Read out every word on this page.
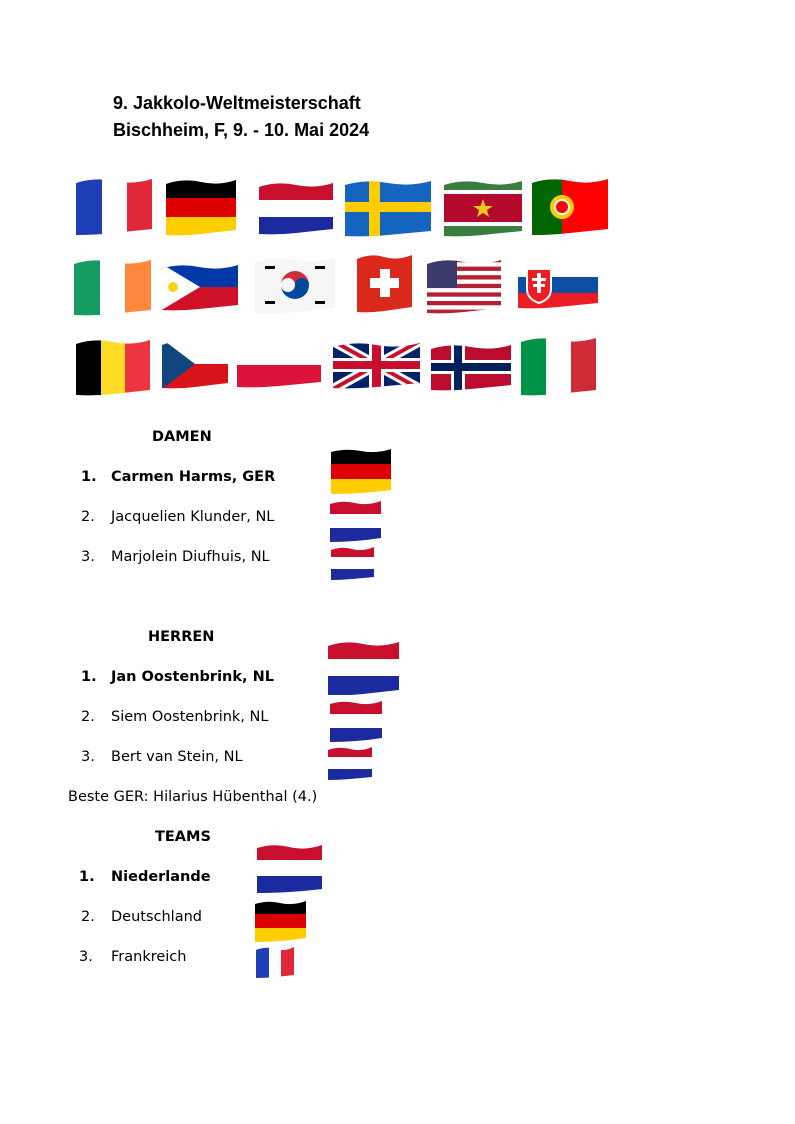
9. Jakkolo-Weltmeisterschaft
Bischheim, F, 9. - 10. Mai 2024
DAMEN
1. Carmen Harms, GER
2. Jacquelien Klunder, NL
3. Marjolein Diufhuis, NL
HERREN
1. Jan Oostenbrink, NL
2. Siem Oostenbrink, NL
3. Bert van Stein, NL
Beste GER: Hilarius Hübenthal (4.)
TEAMS
1. Niederlande
2. Deutschland
3. Frankreich
